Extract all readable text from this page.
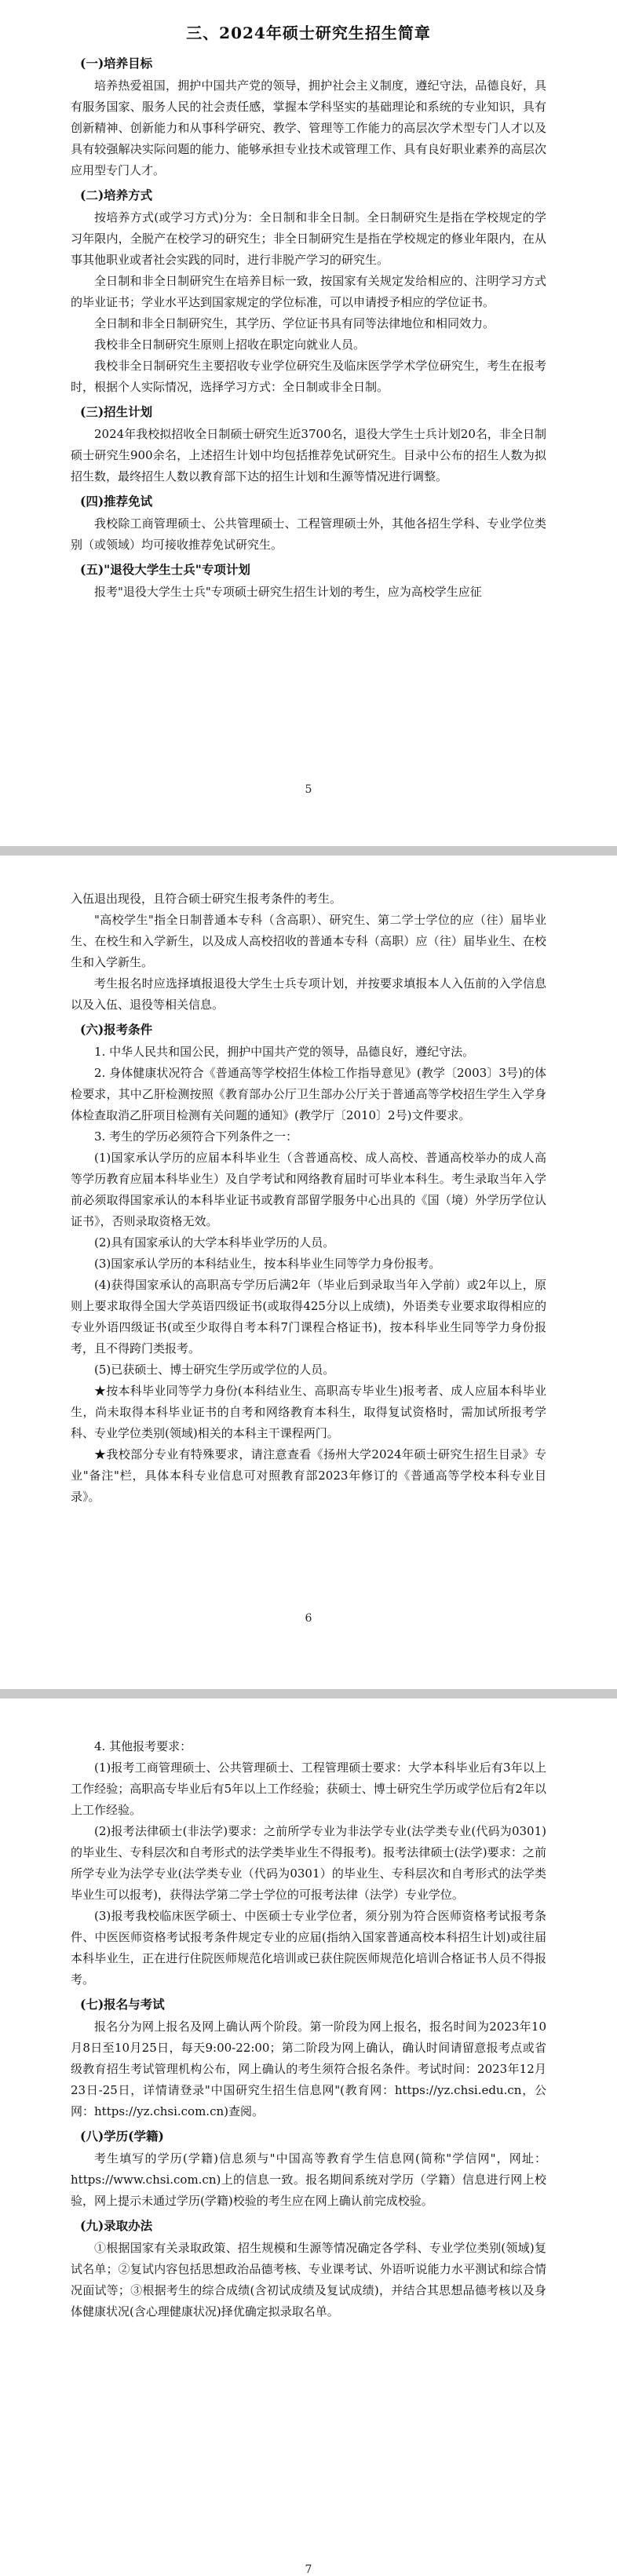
三、2024年硕士研究生招生简章
(一)培养目标

培养热爱祖国，拥护中国共产党的领导，拥护社会主义制度，遵纪守法，品德良好，具有服务国家、服务人民的社会责任感，掌握本学科坚实的基础理论和系统的专业知识，具有创新精神、创新能力和从事科学研究、教学、管理等工作能力的高层次学术型专门人才以及具有较强解决实际问题的能力、能够承担专业技术或管理工作、具有良好职业素养的高层次应用型专门人才。

(二)培养方式

按培养方式(或学习方式)分为：全日制和非全日制。全日制研究生是指在学校规定的学习年限内，全脱产在校学习的研究生；非全日制研究生是指在学校规定的修业年限内，在从事其他职业或者社会实践的同时，进行非脱产学习的研究生。

全日制和非全日制研究生在培养目标一致，按国家有关规定发给相应的、注明学习方式的毕业证书；学业水平达到国家规定的学位标准，可以申请授予相应的学位证书。

全日制和非全日制研究生，其学历、学位证书具有同等法律地位和相同效力。

我校非全日制研究生原则上招收在职定向就业人员。

我校非全日制研究生主要招收专业学位研究生及临床医学学术学位研究生，考生在报考时，根据个人实际情况，选择学习方式：全日制或非全日制。

(三)招生计划

2024年我校拟招收全日制硕士研究生近3700名，退役大学生士兵计划20名，非全日制硕士研究生900余名，上述招生计划中均包括推荐免试研究生。目录中公布的招生人数为拟招生数，最终招生人数以教育部下达的招生计划和生源等情况进行调整。

(四)推荐免试

我校除工商管理硕士、公共管理硕士、工程管理硕士外，其他各招生学科、专业学位类别（或领域）均可接收推荐免试研究生。

(五)"退役大学生士兵"专项计划

报考"退役大学生士兵"专项硕士研究生招生计划的考生，应为高校学生应征

5

入伍退出现役，且符合硕士研究生报考条件的考生。

"高校学生"指全日制普通本专科（含高职）、研究生、第二学士学位的应（往）届毕业生、在校生和入学新生，以及成人高校招收的普通本专科（高职）应（往）届毕业生、在校生和入学新生。

考生报名时应选择填报退役大学生士兵专项计划，并按要求填报本人入伍前的入学信息以及入伍、退役等相关信息。

(六)报考条件

1. 中华人民共和国公民，拥护中国共产党的领导，品德良好，遵纪守法。

2. 身体健康状况符合《普通高等学校招生体检工作指导意见》(教学〔2003〕3号)的体检要求，其中乙肝检测按照《教育部办公厅卫生部办公厅关于普通高等学校招生学生入学身体检查取消乙肝项目检测有关问题的通知》(教学厅〔2010〕2号)文件要求。

3. 考生的学历必须符合下列条件之一：

(1)国家承认学历的应届本科毕业生（含普通高校、成人高校、普通高校举办的成人高等学历教育应届本科毕业生）及自学考试和网络教育届时可毕业本科生。考生录取当年入学前必须取得国家承认的本科毕业证书或教育部留学服务中心出具的《国（境）外学历学位认证书》，否则录取资格无效。

(2)具有国家承认的大学本科毕业学历的人员。

(3)国家承认学历的本科结业生，按本科毕业生同等学力身份报考。

(4)获得国家承认的高职高专学历后满2年（毕业后到录取当年入学前）或2年以上，原则上要求取得全国大学英语四级证书(或取得425分以上成绩)，外语类专业要求取得相应的专业外语四级证书(或至少取得自考本科7门课程合格证书)，按本科毕业生同等学力身份报考，且不得跨门类报考。

(5)已获硕士、博士研究生学历或学位的人员。

★按本科毕业同等学力身份(本科结业生、高职高专毕业生)报考者、成人应届本科毕业生，尚未取得本科毕业证书的自考和网络教育本科生，取得复试资格时，需加试所报考学科、专业学位类别(领域)相关的本科主干课程两门。

★我校部分专业有特殊要求，请注意查看《扬州大学2024年硕士研究生招生目录》专业"备注"栏，具体本科专业信息可对照教育部2023年修订的《普通高等学校本科专业目录》。

6

4. 其他报考要求：

(1)报考工商管理硕士、公共管理硕士、工程管理硕士要求：大学本科毕业后有3年以上工作经验；高职高专毕业后有5年以上工作经验；获硕士、博士研究生学历或学位后有2年以上工作经验。

(2)报考法律硕士(非法学)要求：之前所学专业为非法学专业(法学类专业(代码为0301)的毕业生、专科层次和自考形式的法学类毕业生不得报考)。报考法律硕士(法学)要求：之前所学专业为法学专业(法学类专业（代码为0301）的毕业生、专科层次和自考形式的法学类毕业生可以报考)，获得法学第二学士学位的可报考法律（法学）专业学位。

(3)报考我校临床医学硕士、中医硕士专业学位者，须分别为符合医师资格考试报考条件、中医医师资格考试报考条件规定专业的应届(指纳入国家普通高校本科招生计划)或往届本科毕业生，正在进行住院医师规范化培训或已获住院医师规范化培训合格证书人员不得报考。

(七)报名与考试

报名分为网上报名及网上确认两个阶段。第一阶段为网上报名，报名时间为2023年10月8日至10月25日，每天9:00-22:00；第二阶段为网上确认，确认时间请留意报考点或省级教育招生考试管理机构公布，网上确认的考生须符合报名条件。考试时间：2023年12月23日-25日，详情请登录"中国研究生招生信息网"(教育网：https://yz.chsi.edu.cn，公网：https://yz.chsi.com.cn)查阅。

(八)学历(学籍)

考生填写的学历(学籍)信息须与"中国高等教育学生信息网(简称"学信网"，网址：https://www.chsi.com.cn)上的信息一致。报名期间系统对学历（学籍）信息进行网上校验，网上提示未通过学历(学籍)校验的考生应在网上确认前完成校验。

(九)录取办法

①根据国家有关录取政策、招生规模和生源等情况确定各学科、专业学位类别(领域)复试名单；②复试内容包括思想政治品德考核、专业课考试、外语听说能力水平测试和综合情况面试等；③根据考生的综合成绩(含初试成绩及复试成绩)，并结合其思想品德考核以及身体健康状况(含心理健康状况)择优确定拟录取名单。

7
